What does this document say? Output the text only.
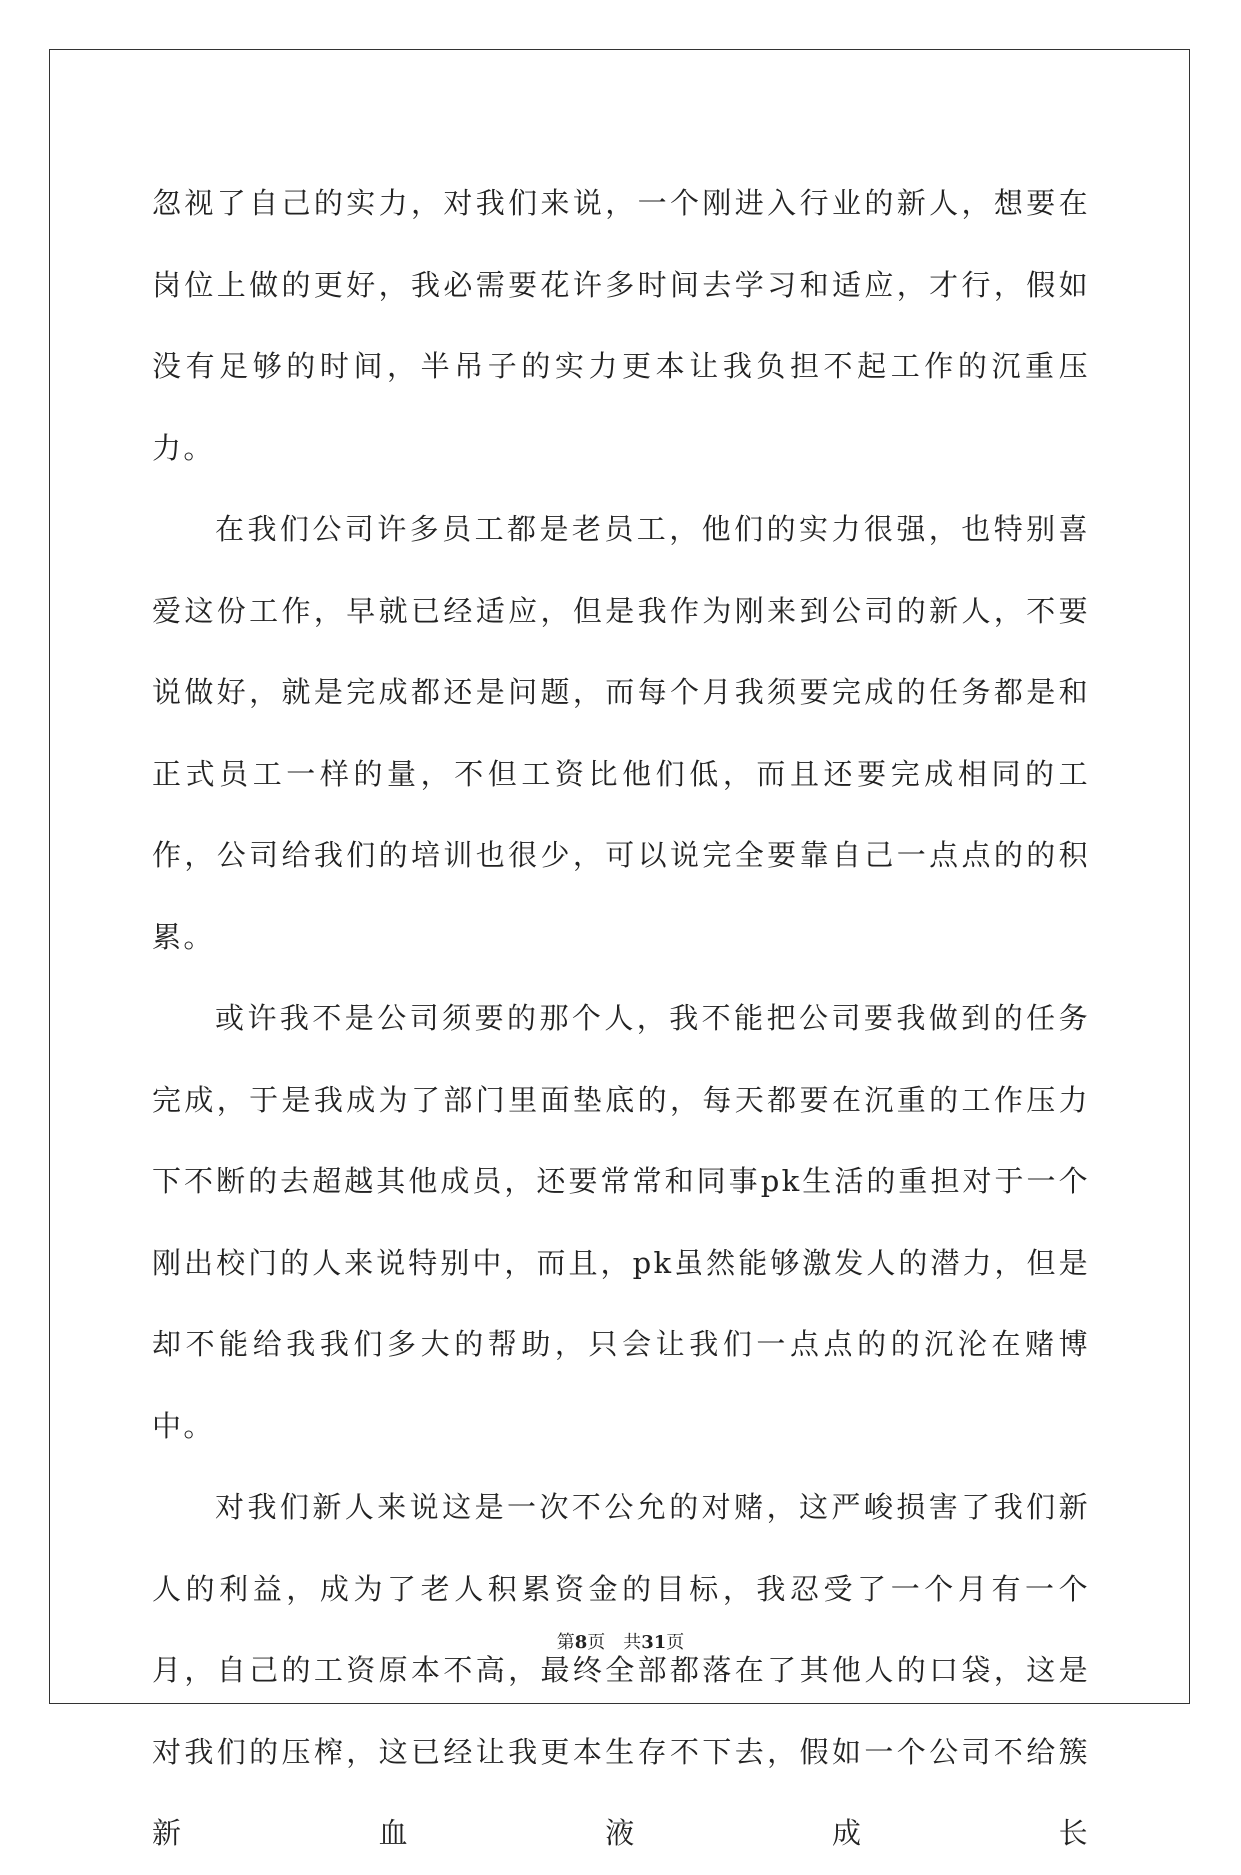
忽视了自己的实力，对我们来说，一个刚进入行业的新人，想要在岗位上做的更好，我必需要花许多时间去学习和适应，才行，假如没有足够的时间，半吊子的实力更本让我负担不起工作的沉重压力。

在我们公司许多员工都是老员工，他们的实力很强，也特别喜爱这份工作，早就已经适应，但是我作为刚来到公司的新人，不要说做好，就是完成都还是问题，而每个月我须要完成的任务都是和正式员工一样的量，不但工资比他们低，而且还要完成相同的工作，公司给我们的培训也很少，可以说完全要靠自己一点点的的积累。

或许我不是公司须要的那个人，我不能把公司要我做到的任务完成，于是我成为了部门里面垫底的，每天都要在沉重的工作压力下不断的去超越其他成员，还要常常和同事pk生活的重担对于一个刚出校门的人来说特别中，而且，pk虽然能够激发人的潜力，但是却不能给我我们多大的帮助，只会让我们一点点的的沉沦在赌博中。

对我们新人来说这是一次不公允的对赌，这严峻损害了我们新人的利益，成为了老人积累资金的目标，我忍受了一个月有一个月，自己的工资原本不高，最终全部都落在了其他人的口袋，这是对我们的压榨，这已经让我更本生存不下去，假如一个公司不给簇新血液成长

第8页 共31页
